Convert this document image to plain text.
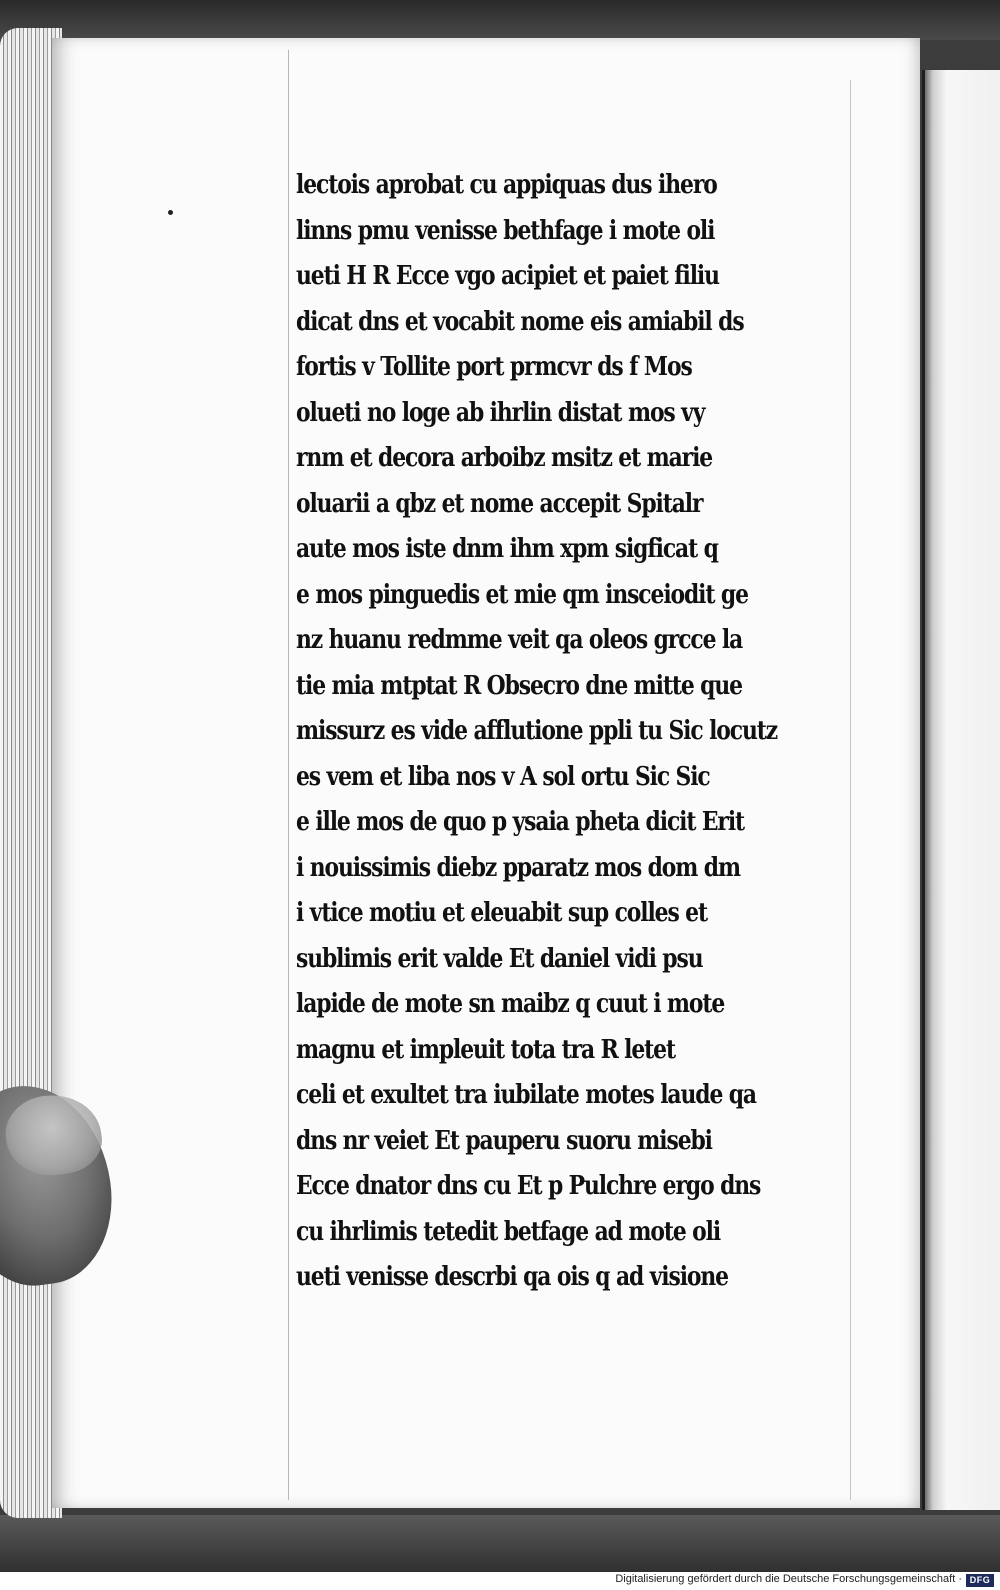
lectois aprobat cu appiquas dus ihero
linns pmu venisse bethfage i mote oli
ueti H R Ecce vgo acipiet et paiet filiu
dicat dns et vocabit nome eis amiabil ds
fortis v Tollite port prmcvr ds f Mos
olueti no loge ab ihrlin distat mos vy
rnm et decora arboibz msitz et marie
oluarii a qbz et nome accepit Spitalr
aute mos iste dnm ihm xpm sigficat q
e mos pinguedis et mie qm insceiodit ge
nz huanu redmme veit qa oleos grcce la
tie mia mtptat R Obsecro dne mitte que
missurz es vide afflutione ppli tu Sic locutz
es vem et liba nos v A sol ortu Sic Sic
e ille mos de quo p ysaia pheta dicit Erit
i nouissimis diebz pparatz mos dom dm
i vtice motiu et eleuabit sup colles et
sublimis erit valde Et daniel vidi psu
lapide de mote sn maibz q cuut i mote
magnu et impleuit tota tra R letet
celi et exultet tra iubilate motes laude qa
dns nr veiet Et pauperu suoru misebi
Ecce dnator dns cu Et p Pulchre ergo dns
cu ihrlimis tetedit betfage ad mote oli
ueti venisse descrbi qa ois q ad visione
Digitalisierung gefördert durch die Deutsche Forschungsgemeinschaft · DFG
